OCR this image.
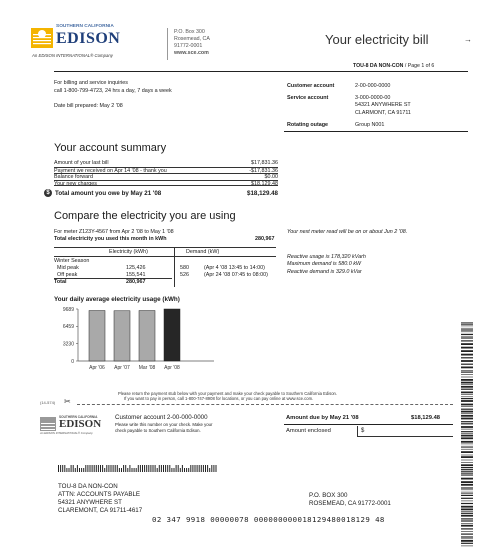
SOUTHERN CALIFORNIA
EDISON
An EDISON INTERNATIONAL® Company
P.O. Box 300
Rosemead, CA
91772-0001
www.sce.com
Your electricity bill	→
TOU-8 DA NON-CON / Page 1 of 6
For billing and service inquiries
call 1-800-799-4723, 24 hrs a day, 7 days a week
Date bill prepared: May 2 '08
Customer account	2-00-000-0000
Service account	3-000-0000-00
54321 ANYWHERE ST
CLARMONT, CA 91711
Rotating outage	Group N001
Your account summary
Amount of your last bill	$17,831.36
Payment we received on Apr 14 '08 - thank you	-$17,831.36
Balance forward	$0.00
Your new charges	$18,129.48
$ Total amount you owe by May 21 '08	$18,129.48
Compare the electricity you are using
For meter Z123Y-4567 from Apr 2 '08 to May 1 '08
Total electricity you used this month in kWh	280,967
Your next meter read will be on or about Jun 2 '08.
Electricity (kWh)	Demand (kW)
Winter Season
Mid peak	125,426	580	(Apr 4 '08 13:45 to 14:00)
Off peak	155,541	526	(Apr 24 '08 07:45 to 08:00)
Total	280,967
Reactive usage is 178,320 kVarh
Maximum demand is 580.0 kW
Reactive demand is 329.0 kVar
Your daily average electricity usage (kWh)
9689
6459
3230
0
Apr '06 Apr '07 Mar '08 Apr '08
Please return the payment stub below with your payment and make your check payable to Southern California Edison.
If you want to pay in person, call 1-800-747-8908 for locations, or you can pay online at www.sce.com.
(14-574) ✂
SOUTHERN CALIFORNIA
EDISON
An EDISON INTERNATIONAL® Company
Customer account 2-00-000-0000
Please write this number on your check. Make your
check payable to Southern California Edison.
Amount due by May 21 '08	$18,129.48
Amount enclosed	$
TOU-8 DA NON-CON
ATTN: ACCOUNTS PAYABLE
54321 ANYWHERE ST
CLAREMONT, CA 91711-4617
P.O. BOX 300
ROSEMEAD, CA 91772-0001
02 347 9918 00000078 000000000018129480018129 48
